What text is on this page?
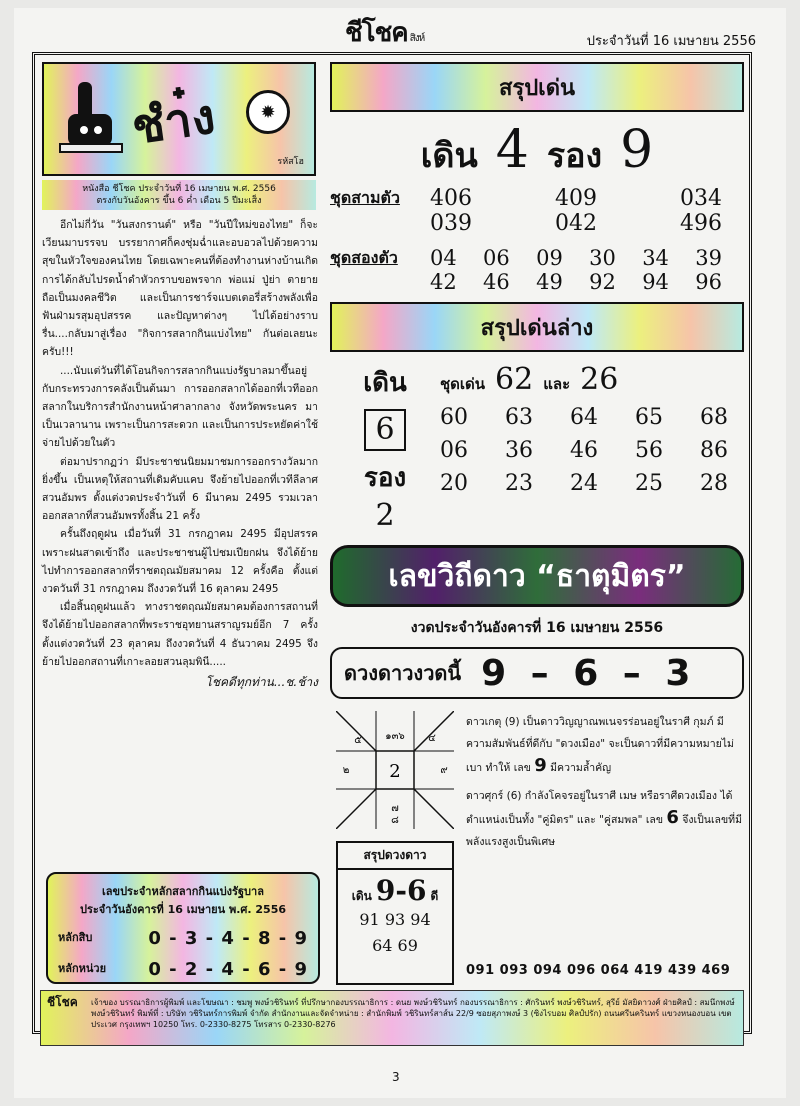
ชีโชค สิงห์	ประจำวันที่ 16 เมษายน 2556
ชำ๋ง	✹
รหัสโฮ
หนังสือ ชีโชค ประจำวันที่ 16 เมษายน พ.ศ. 2556
ตรงกับวันอังคาร ขึ้น 6 ค่ำ เดือน 5 ปีมะเส็ง

อีกไม่กี่วัน "วันสงกรานต์" หรือ "วันปีใหม่ของไทย" ก็จะเวียนมาบรรจบ บรรยากาศก็คงชุ่มฉ่ำและอบอวลไปด้วยความสุขในหัวใจของคนไทย โดยเฉพาะคนที่ต้องทำงานห่างบ้านเกิด การได้กลับไปรดน้ำดำหัวกราบขอพรจาก พ่อแม่ ปู่ย่า ตายาย ถือเป็นมงคลชีวิต และเป็นการชาร์จแบตเตอรี่สร้างพลังเพื่อฟันฝ่ามรสุมอุปสรรค และปัญหาต่างๆ ไปได้อย่างราบรื่น....กลับมาสู่เรื่อง "กิจการสลากกินแบ่งไทย" กันต่อเลยนะครับ!!!

....นับแต่วันที่ได้โอนกิจการสลากกินแบ่งรัฐบาลมาขึ้นอยู่กับกระทรวงการคลังเป็นต้นมา การออกสลากได้ออกที่เวทีออกสลากในบริการสำนักงานหน้าศาลากลาง จังหวัดพระนคร มาเป็นเวลานาน เพราะเป็นการสะดวก และเป็นการประหยัดค่าใช้จ่ายไปด้วยในตัว

ต่อมาปรากฏว่า มีประชาชนนิยมมาชมการออกรางวัลมากยิ่งขึ้น เป็นเหตุให้สถานที่เดิมคับแคบ จึงย้ายไปออกที่เวทีลีลาศ สวนอัมพร ตั้งแต่งวดประจำวันที่ 6 มีนาคม 2495 รวมเวลาออกสลากที่สวนอัมพรทั้งสิ้น 21 ครั้ง

ครั้นถึงฤดูฝน เมื่อวันที่ 31 กรกฎาคม 2495 มีอุปสรรคเพราะฝนสาดเข้าถึง และประชาชนผู้ไปชมเปียกฝน จึงได้ย้ายไปทำการออกสลากที่ราชตฤณมัยสมาคม 12 ครั้งคือ ตั้งแต่งวดวันที่ 31 กรกฎาคม ถึงงวดวันที่ 16 ตุลาคม 2495

เมื่อสิ้นฤดูฝนแล้ว ทางราชตฤณมัยสมาคมต้องการสถานที่ จึงได้ย้ายไปออกสลากที่พระราชอุทยานสราญรมย์อีก 7 ครั้ง ตั้งแต่งวดวันที่ 23 ตุลาคม ถึงงวดวันที่ 4 ธันวาคม 2495 จึงย้ายไปออกสถานที่เกาะลอยสวนลุมพินี.....

โชคดีทุกท่าน...ช.ช้าง
เลขประจำหลักสลากกินแบ่งรัฐบาล
ประจำวันอังคารที่ 16 เมษายน พ.ศ. 2556
หลักสิบ	0 - 3 - 4 - 8 - 9
หลักหน่วย 0 - 2 - 4 - 6 - 9
สรุปเด่น
เดิน 4 รอง 9
ชุดสามตัว	406	409	034
039	042	496
ชุดสองตัว	04 06 09 30 34 39
42 46 49 92 94 96
สรุปเด่นล่าง
เดิน
6
รอง
2
ชุดเด่น 62 และ 26
60 63 64 65 68
06 36 46 56 86
20 23 24 25 28
เลขวิถีดาว “ธาตุมิตร”
งวดประจำวันอังคารที่ 16 เมษายน 2556
ดวงดาวงวดนี้ 9 – 6 – 3
2
๕ ๑๓๖ ๔
๒	๙
๗
๘
สรุปดวงดาว
เดิน 9-6 ดี
91 93 94
64 69

ดาวเกตุ (9) เป็นดาววิญญาณพเนจรร่อนอยู่ในราศี กุมภ์ มีความสัมพันธ์ที่ดีกับ "ดวงเมือง" จะเป็นดาวที่มีความหมายไม่เบา ทำให้ เลข 9 มีความล้ำคัญ

ดาวศุกร์ (6) กำลังโคจรอยู่ในราศี เมษ หรือราศีดวงเมือง ได้ตำแหน่งเป็นทั้ง "คู่มิตร" และ "คู่สมพล" เลข 6 จึงเป็นเลขที่มีพลังแรงสูงเป็นพิเศษ

091 093 094 096 064 419 439 469
ชีโชค เจ้าของ บรรณาธิการผู้พิมพ์ และโฆษณา : ชมพู พงษ์วชิรินทร์ ที่ปรึกษากองบรรณาธิการ : ดนย พงษ์วชิรินทร์ กองบรรณาธิการ : ศักรินทร์ พงษ์วชิรินทร์, สุรีย์ มัสยิดาวงศ์ ฝ่ายศิลป์ : สมนึกพงษ์ พงษ์วชิรินทร์ พิมพ์ที่ : บริษัท วชิรินทร์การพิมพ์ จำกัด สำนักงานและจัดจำหน่าย : สำนักพิมพ์ วชิรินทร์สาส์น 22/9 ซอยสุภาพงษ์ 3 (ซิงไรบอม ศิลป์ปรัก) ถนนศรีนครินทร์ แขวงหนองบอน เขตประเวศ กรุงเทพฯ 10250 โทร. 0-2330-8275 โทรสาร 0-2330-8276
3
